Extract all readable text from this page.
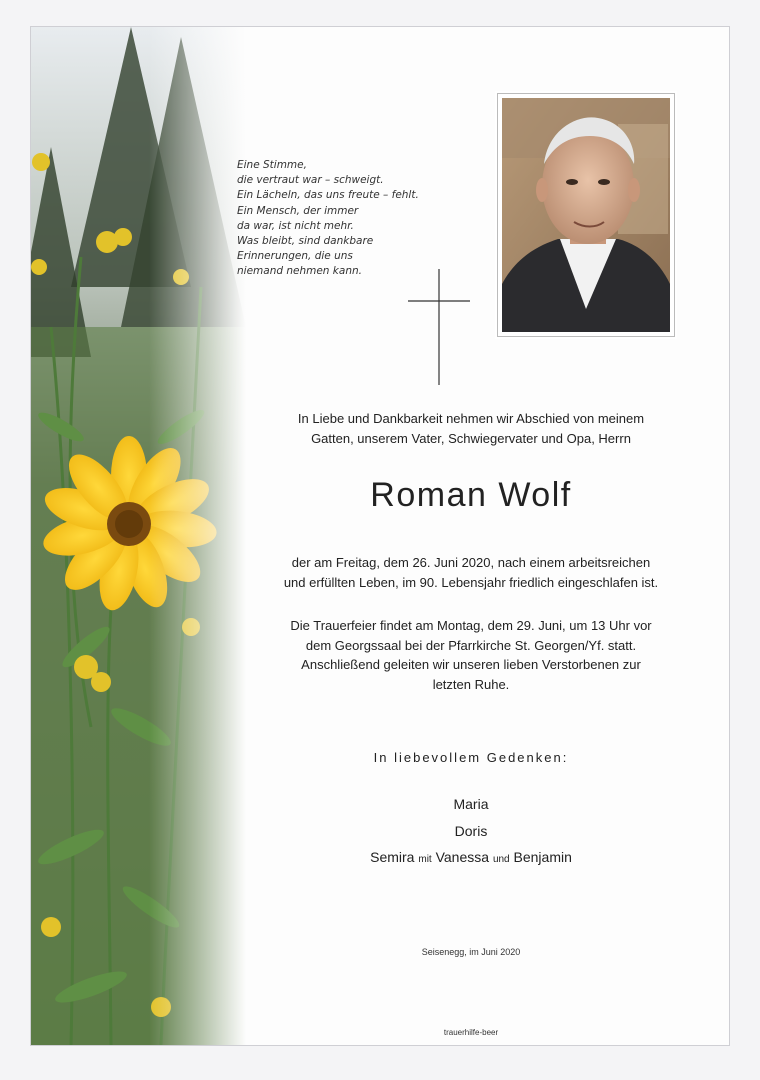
Eine Stimme,
die vertraut war – schweigt.
Ein Lächeln, das uns freute – fehlt.
Ein Mensch, der immer
da war, ist nicht mehr.
Was bleibt, sind dankbare
Erinnerungen, die uns
niemand nehmen kann.
In Liebe und Dankbarkeit nehmen wir Abschied von meinem
Gatten, unserem Vater, Schwiegervater und Opa, Herrn
Roman Wolf
der am Freitag, dem 26. Juni 2020, nach einem arbeitsreichen
und erfüllten Leben, im 90. Lebensjahr friedlich eingeschlafen ist.
Die Trauerfeier findet am Montag, dem 29. Juni, um 13 Uhr vor
dem Georgssaal bei der Pfarrkirche St. Georgen/Yf. statt.
Anschließend geleiten wir unseren lieben Verstorbenen zur
letzten Ruhe.
In liebevollem Gedenken:
Maria
Doris
Semira mit Vanessa und Benjamin
Seisenegg, im Juni 2020
trauerhilfe-beer
